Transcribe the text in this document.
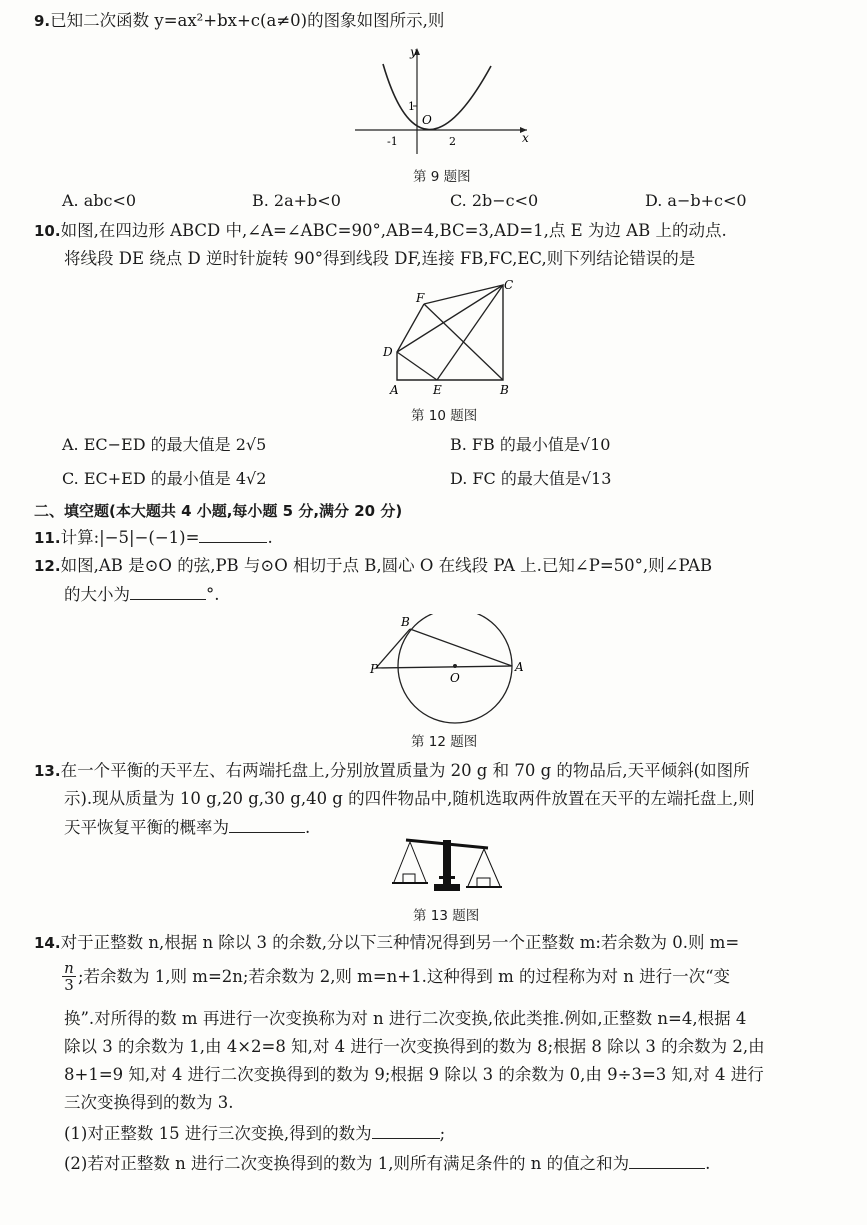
9.已知二次函数 y=ax²+bx+c(a≠0)的图象如图所示,则
y
x
O
1
-1	2
第 9 题图
A. abc<0	B. 2a+b<0	C. 2b−c<0	D. a−b+c<0
10.如图,在四边形 ABCD 中,∠A=∠ABC=90°,AB=4,BC=3,AD=1,点 E 为边 AB 上的动点.
将线段 DE 绕点 D 逆时针旋转 90°得到线段 DF,连接 FB,FC,EC,则下列结论错误的是
F
C
D
A	E	B
第 10 题图
A. EC−ED 的最大值是 2√5	B. FB 的最小值是√10
C. EC+ED 的最小值是 4√2	D. FC 的最大值是√13
二、填空题(本大题共 4 小题,每小题 5 分,满分 20 分)
11.计算:|−5|−(−1)=	.
12.如图,AB 是⊙O 的弦,PB 与⊙O 相切于点 B,圆心 O 在线段 PA 上.已知∠P=50°,则∠PAB
的大小为	°.
B
P
O
A
第 12 题图
13.在一个平衡的天平左、右两端托盘上,分别放置质量为 20 g 和 70 g 的物品后,天平倾斜(如图所
示).现从质量为 10 g,20 g,30 g,40 g 的四件物品中,随机选取两件放置在天平的左端托盘上,则
天平恢复平衡的概率为	.
第 13 题图
14.对于正整数 n,根据 n 除以 3 的余数,分以下三种情况得到另一个正整数 m:若余数为 0.则 m=
$\frac{n}{3}$ ;若余数为 1,则 m=2n;若余数为 2,则 m=n+1.这种得到 m 的过程称为对 n 进行一次“变
换”.对所得的数 m 再进行一次变换称为对 n 进行二次变换,依此类推.例如,正整数 n=4,根据 4
除以 3 的余数为 1,由 4×2=8 知,对 4 进行一次变换得到的数为 8;根据 8 除以 3 的余数为 2,由
8+1=9 知,对 4 进行二次变换得到的数为 9;根据 9 除以 3 的余数为 0,由 9÷3=3 知,对 4 进行
三次变换得到的数为 3.
(1)对正整数 15 进行三次变换,得到的数为	;
(2)若对正整数 n 进行二次变换得到的数为 1,则所有满足条件的 n 的值之和为	.
